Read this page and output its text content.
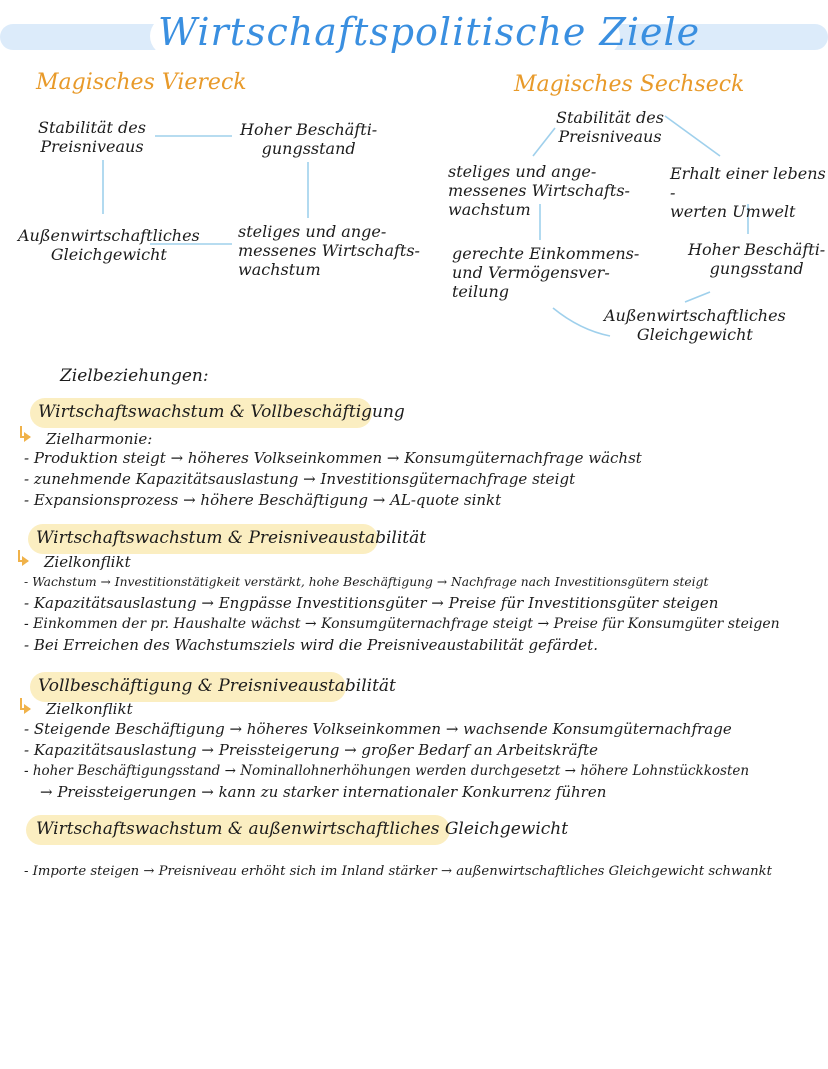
Wirtschaftspolitische Ziele
Magisches Viereck
Stabilität des
Preisniveaus
Hoher Beschäfti-
gungsstand
Außenwirtschaftliches
Gleichgewicht
steliges und ange-
messenes Wirtschafts-
wachstum
Magisches Sechseck
Stabilität des
Preisniveaus
steliges und ange-
messenes Wirtschafts-
wachstum
Erhalt einer lebens -
werten Umwelt
gerechte Einkommens-
und Vermögensver-
teilung
Hoher Beschäfti-
gungsstand
Außenwirtschaftliches
Gleichgewicht
Zielbeziehungen:
Wirtschaftswachstum & Vollbeschäftigung
Zielharmonie:
- Produktion steigt → höheres Volkseinkommen → Konsumgüternachfrage wächst
- zunehmende Kapazitätsauslastung → Investitionsgüternachfrage steigt
- Expansionsprozess → höhere Beschäftigung → AL-quote sinkt
Wirtschaftswachstum & Preisniveaustabilität
Zielkonflikt
- Wachstum → Investitionstätigkeit verstärkt, hohe Beschäftigung → Nachfrage nach Investitionsgütern steigt
- Kapazitätsauslastung → Engpässe Investitionsgüter → Preise für Investitionsgüter steigen
- Einkommen der pr. Haushalte wächst → Konsumgüternachfrage steigt → Preise für Konsumgüter steigen
- Bei Erreichen des Wachstumsziels wird die Preisniveaustabilität gefärdet.
Vollbeschäftigung & Preisniveaustabilität
Zielkonflikt
- Steigende Beschäftigung → höheres Volkseinkommen → wachsende Konsumgüternachfrage
- Kapazitätsauslastung → Preissteigerung → großer Bedarf an Arbeitskräfte
- hoher Beschäftigungsstand → Nominallohnerhöhungen werden durchgesetzt → höhere Lohnstückkosten
→ Preissteigerungen → kann zu starker internationaler Konkurrenz führen
Wirtschaftswachstum & außenwirtschaftliches Gleichgewicht
- Importe steigen → Preisniveau erhöht sich im Inland stärker → außenwirtschaftliches Gleichgewicht schwankt
